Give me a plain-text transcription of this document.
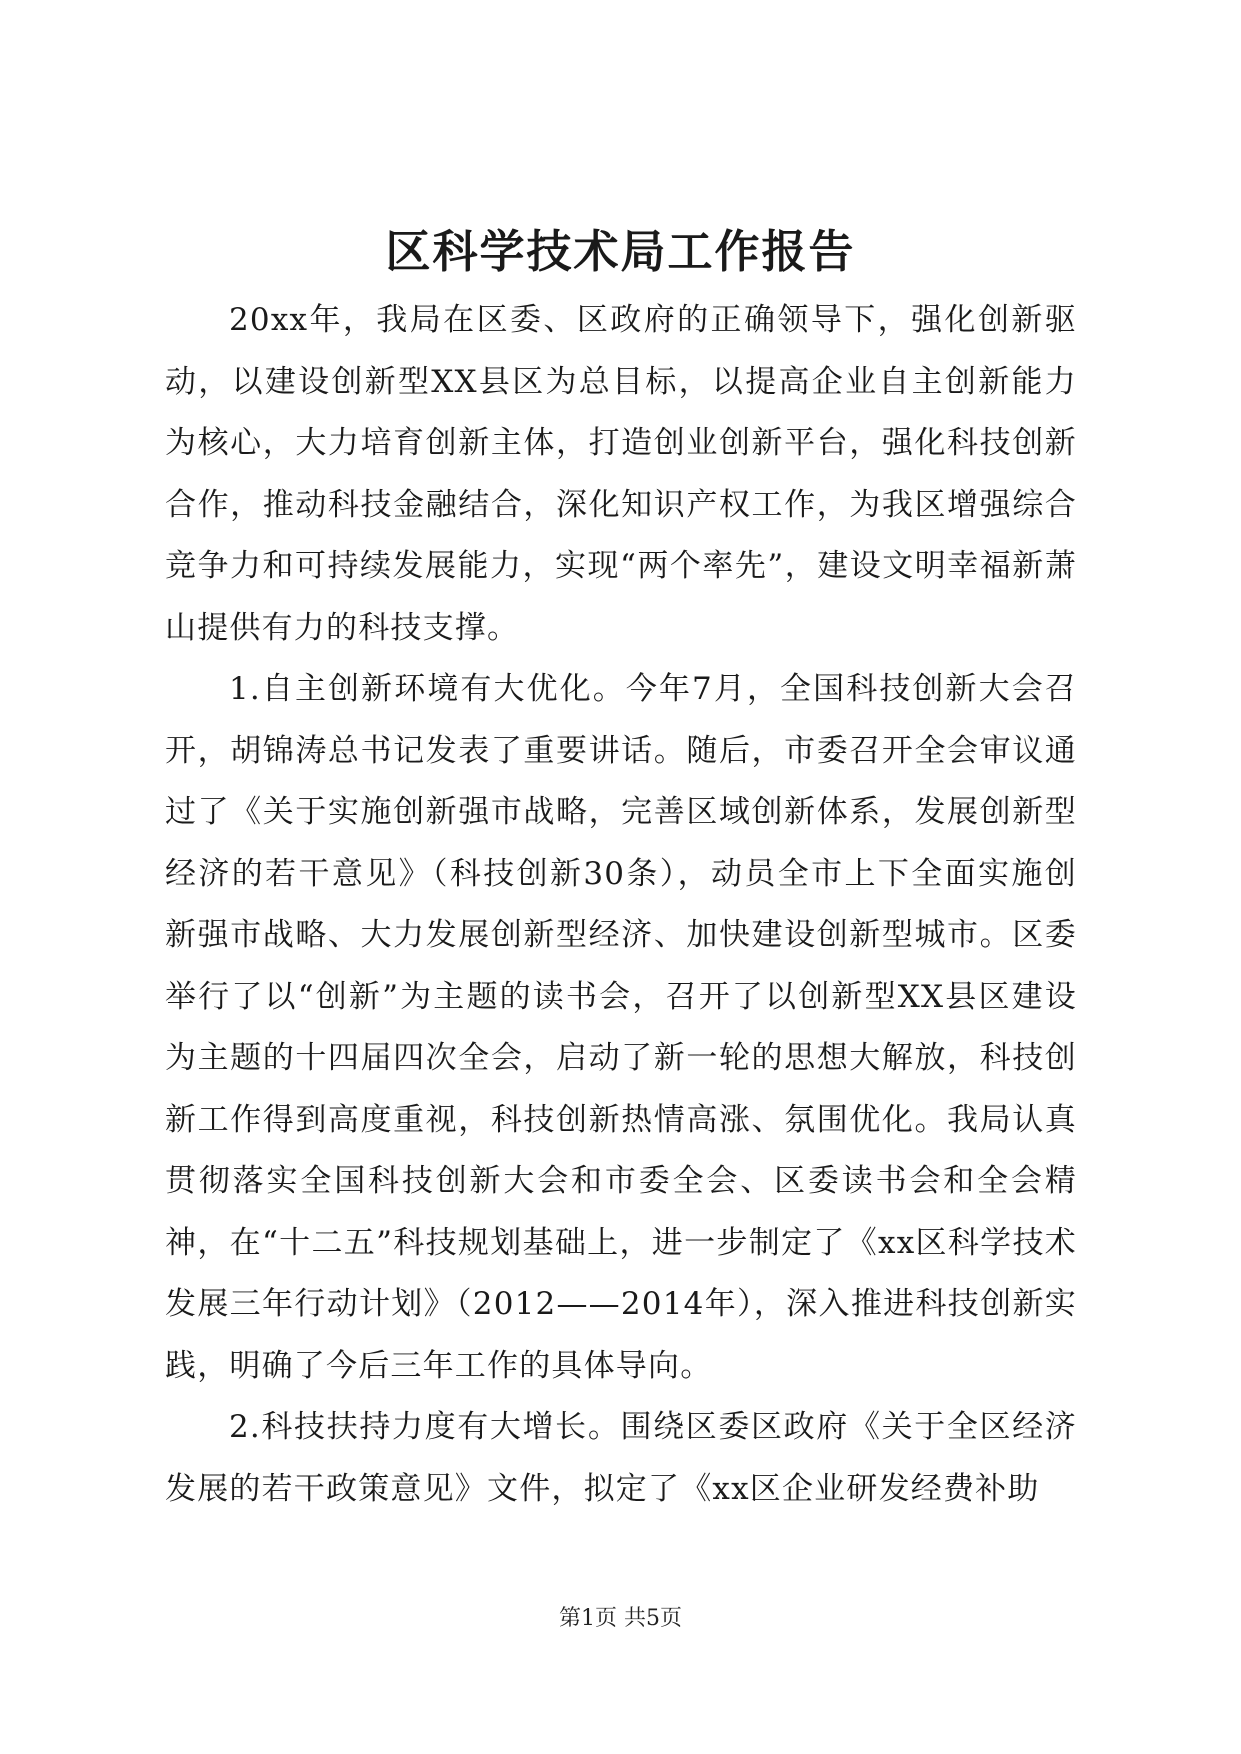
区科学技术局工作报告

20xx年，我局在区委、区政府的正确领导下，强化创新驱动，以建设创新型XX县区为总目标，以提高企业自主创新能力为核心，大力培育创新主体，打造创业创新平台，强化科技创新合作，推动科技金融结合，深化知识产权工作，为我区增强综合竞争力和可持续发展能力，实现“两个率先”，建设文明幸福新萧山提供有力的科技支撑。

1.自主创新环境有大优化。今年7月，全国科技创新大会召开，胡锦涛总书记发表了重要讲话。随后，市委召开全会审议通过了《关于实施创新强市战略，完善区域创新体系，发展创新型经济的若干意见》（科技创新30条），动员全市上下全面实施创新强市战略、大力发展创新型经济、加快建设创新型城市。区委举行了以“创新”为主题的读书会，召开了以创新型XX县区建设为主题的十四届四次全会，启动了新一轮的思想大解放，科技创新工作得到高度重视，科技创新热情高涨、氛围优化。我局认真贯彻落实全国科技创新大会和市委全会、区委读书会和全会精神，在“十二五”科技规划基础上，进一步制定了《xx区科学技术发展三年行动计划》（2012——2014年），深入推进科技创新实践，明确了今后三年工作的具体导向。

2.科技扶持力度有大增长。围绕区委区政府《关于全区经济发展的若干政策意见》文件，拟定了《xx区企业研发经费补助

第1页 共5页
